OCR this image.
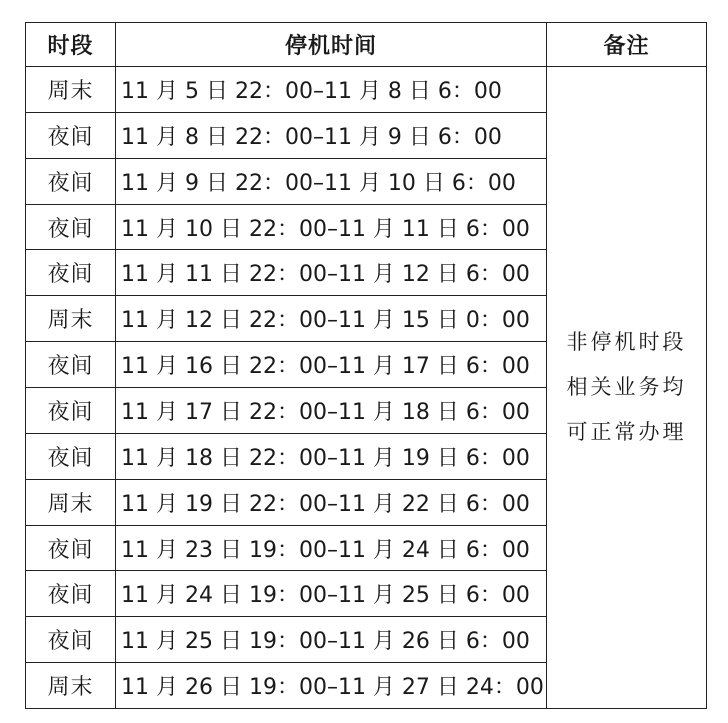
时段	停机时间	备注
周末	11 月 5 日 22：00–11 月 8 日 6：00	非停机时段
相关业务均
可正常办理

夜间	11 月 8 日 22：00–11 月 9 日 6：00	
夜间	11 月 9 日 22：00–11 月 10 日 6：00	
夜间	11 月 10 日 22：00–11 月 11 日 6：00	
夜间	11 月 11 日 22：00–11 月 12 日 6：00	
周末	11 月 12 日 22：00–11 月 15 日 0：00	
夜间	11 月 16 日 22：00–11 月 17 日 6：00	
夜间	11 月 17 日 22：00–11 月 18 日 6：00	
夜间	11 月 18 日 22：00–11 月 19 日 6：00	
周末	11 月 19 日 22：00–11 月 22 日 6：00	
夜间	11 月 23 日 19：00–11 月 24 日 6：00	
夜间	11 月 24 日 19：00–11 月 25 日 6：00	
夜间	11 月 25 日 19：00–11 月 26 日 6：00	
周末	11 月 26 日 19：00–11 月 27 日 24：00	
